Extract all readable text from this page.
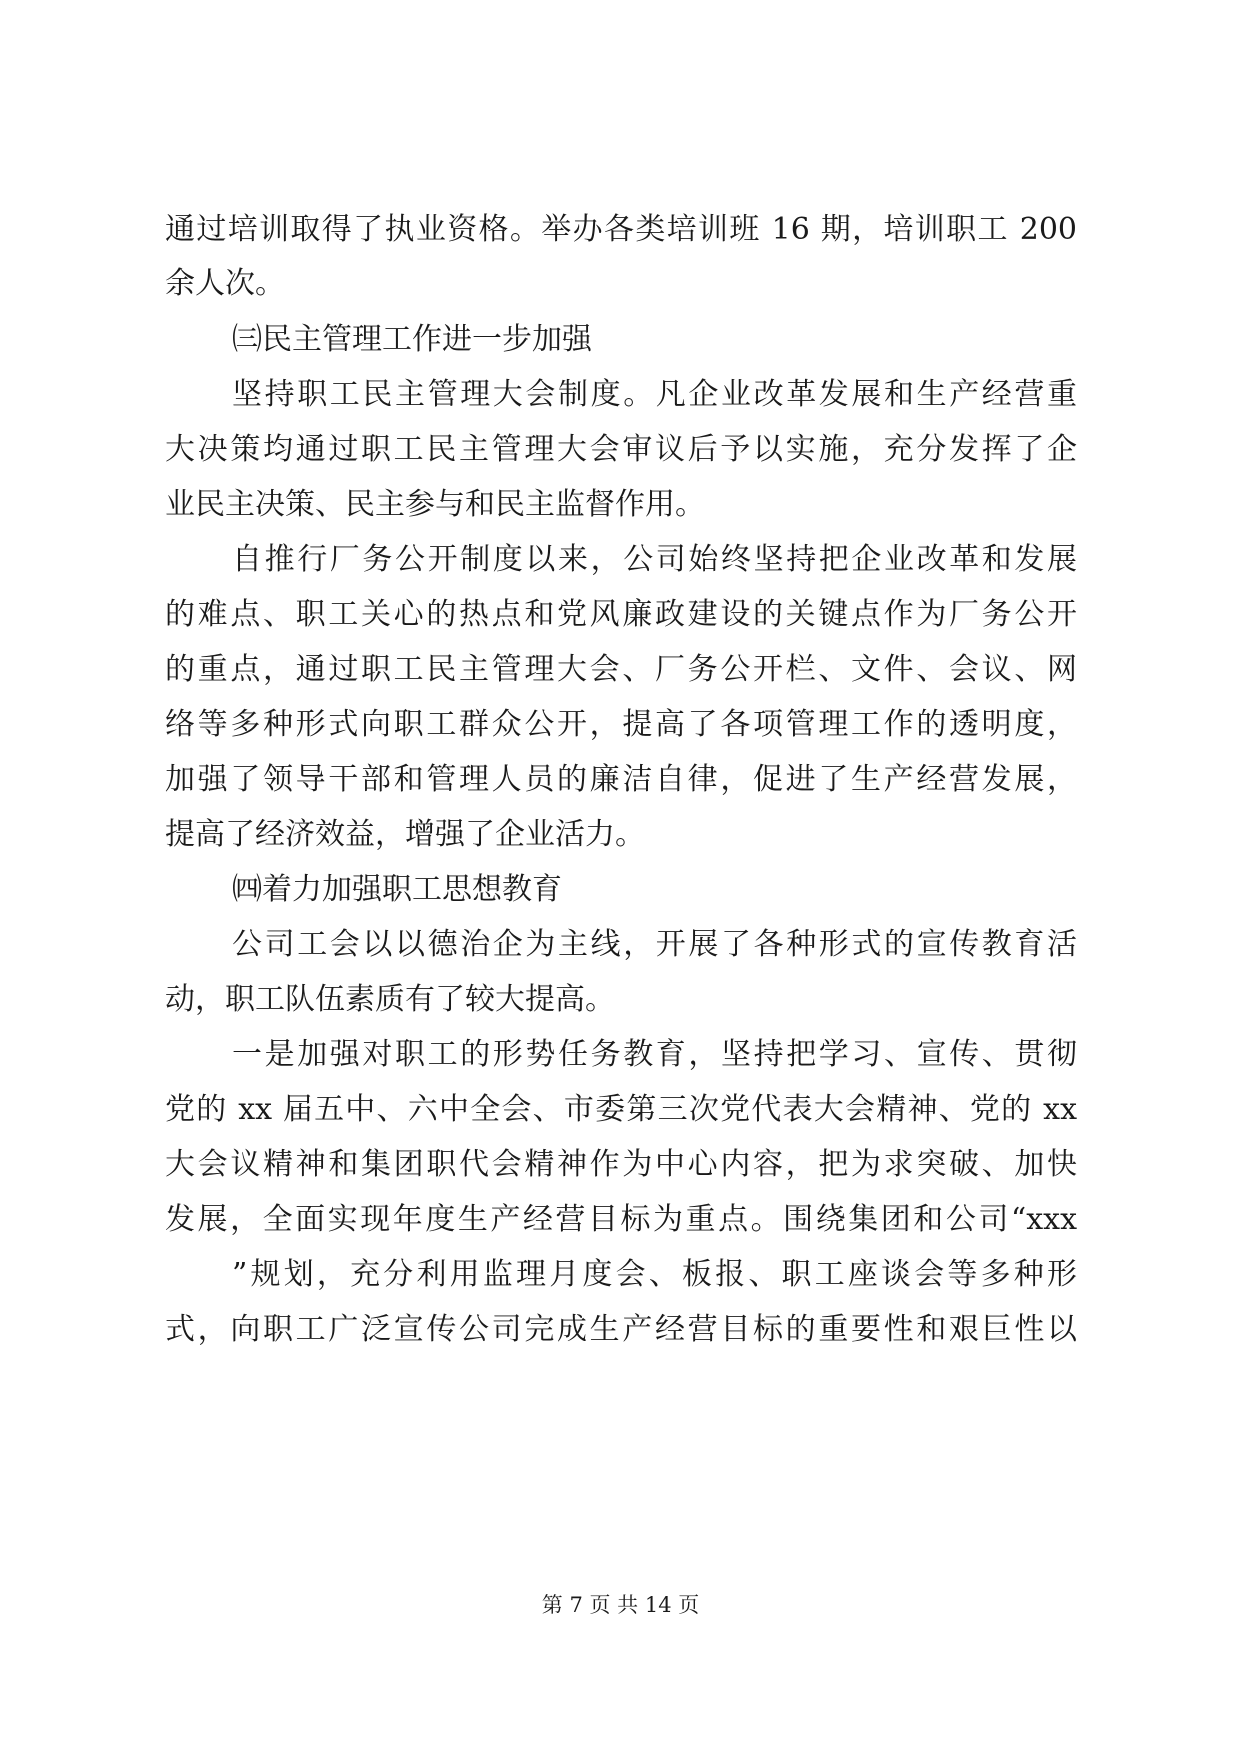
通过培训取得了执业资格。举办各类培训班 16 期，培训职工 200
余人次。
㈢民主管理工作进一步加强
坚持职工民主管理大会制度。凡企业改革发展和生产经营重
大决策均通过职工民主管理大会审议后予以实施，充分发挥了企
业民主决策、民主参与和民主监督作用。
自推行厂务公开制度以来，公司始终坚持把企业改革和发展
的难点、职工关心的热点和党风廉政建设的关键点作为厂务公开
的重点，通过职工民主管理大会、厂务公开栏、文件、会议、网
络等多种形式向职工群众公开，提高了各项管理工作的透明度，
加强了领导干部和管理人员的廉洁自律，促进了生产经营发展，
提高了经济效益，增强了企业活力。
㈣着力加强职工思想教育
公司工会以以德治企为主线，开展了各种形式的宣传教育活
动，职工队伍素质有了较大提高。
一是加强对职工的形势任务教育，坚持把学习、宣传、贯彻
党的 xx 届五中、六中全会、市委第三次党代表大会精神、党的 xx
大会议精神和集团职代会精神作为中心内容，把为求突破、加快
发展，全面实现年度生产经营目标为重点。围绕集团和公司“xxx
”规划，充分利用监理月度会、板报、职工座谈会等多种形
式，向职工广泛宣传公司完成生产经营目标的重要性和艰巨性以
第 7 页 共 14 页
